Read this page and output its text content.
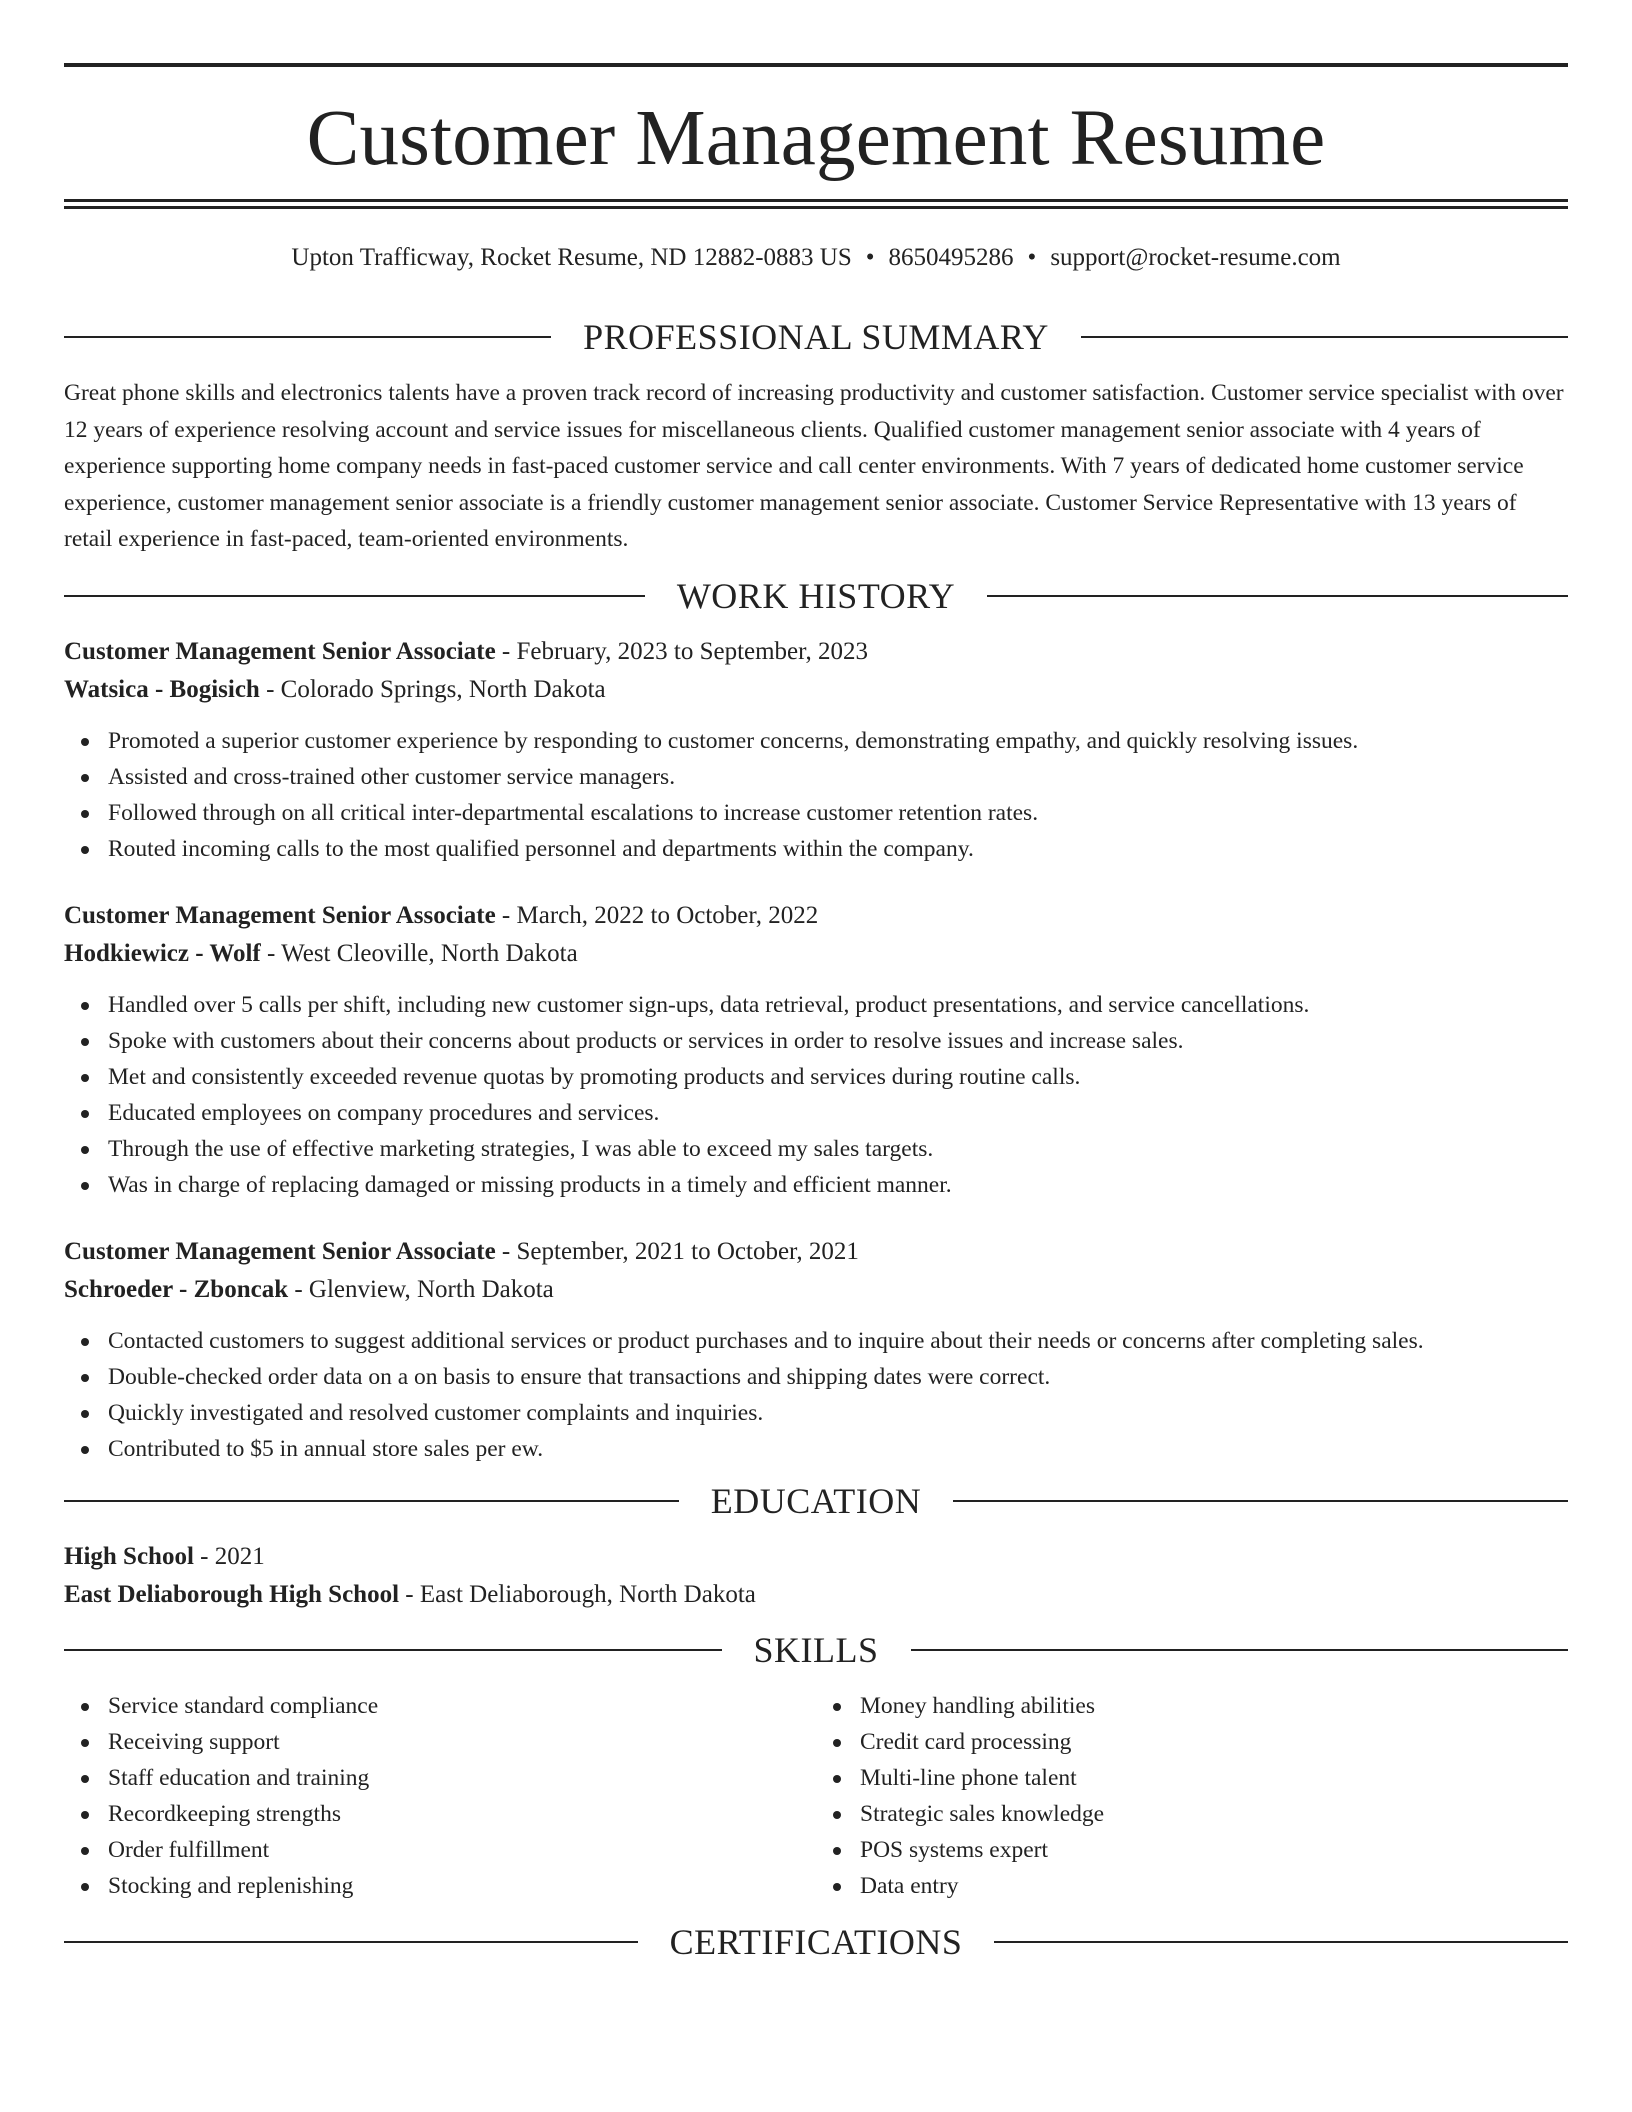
Customer Management Resume
Upton Trafficway, Rocket Resume, ND 12882-0883 US • 8650495286 • support@rocket-resume.com
PROFESSIONAL SUMMARY
Great phone skills and electronics talents have a proven track record of increasing productivity and customer satisfaction. Customer service specialist with over 12 years of experience resolving account and service issues for miscellaneous clients. Qualified customer management senior associate with 4 years of experience supporting home company needs in fast-paced customer service and call center environments. With 7 years of dedicated home customer service experience, customer management senior associate is a friendly customer management senior associate. Customer Service Representative with 13 years of retail experience in fast-paced, team-oriented environments.
WORK HISTORY
Customer Management Senior Associate - February, 2023 to September, 2023
Watsica - Bogisich - Colorado Springs, North Dakota
Promoted a superior customer experience by responding to customer concerns, demonstrating empathy, and quickly resolving issues.
Assisted and cross-trained other customer service managers.
Followed through on all critical inter-departmental escalations to increase customer retention rates.
Routed incoming calls to the most qualified personnel and departments within the company.
Customer Management Senior Associate - March, 2022 to October, 2022
Hodkiewicz - Wolf - West Cleoville, North Dakota
Handled over 5 calls per shift, including new customer sign-ups, data retrieval, product presentations, and service cancellations.
Spoke with customers about their concerns about products or services in order to resolve issues and increase sales.
Met and consistently exceeded revenue quotas by promoting products and services during routine calls.
Educated employees on company procedures and services.
Through the use of effective marketing strategies, I was able to exceed my sales targets.
Was in charge of replacing damaged or missing products in a timely and efficient manner.
Customer Management Senior Associate - September, 2021 to October, 2021
Schroeder - Zboncak - Glenview, North Dakota
Contacted customers to suggest additional services or product purchases and to inquire about their needs or concerns after completing sales.
Double-checked order data on a on basis to ensure that transactions and shipping dates were correct.
Quickly investigated and resolved customer complaints and inquiries.
Contributed to $5 in annual store sales per ew.
EDUCATION
High School - 2021
East Deliaborough High School - East Deliaborough, North Dakota
SKILLS
Service standard compliance
Receiving support
Staff education and training
Recordkeeping strengths
Order fulfillment
Stocking and replenishing
Money handling abilities
Credit card processing
Multi-line phone talent
Strategic sales knowledge
POS systems expert
Data entry
CERTIFICATIONS
